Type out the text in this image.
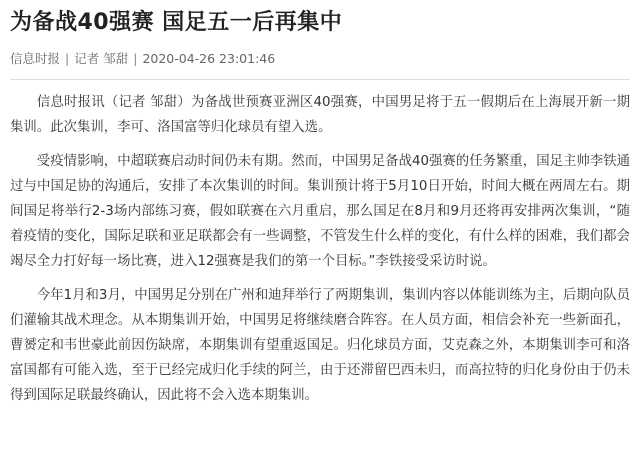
为备战40强赛 国足五一后再集中
信息时报 | 记者 邹甜 | 2020-04-26 23:01:46

信息时报讯（记者 邹甜）为备战世预赛亚洲区40强赛，中国男足将于五一假期后在上海展开新一期集训。此次集训，李可、洛国富等归化球员有望入选。

受疫情影响，中超联赛启动时间仍未有期。然而，中国男足备战40强赛的任务繁重，国足主帅李铁通过与中国足协的沟通后，安排了本次集训的时间。集训预计将于5月10日开始，时间大概在两周左右。期间国足将举行2-3场内部练习赛，假如联赛在六月重启，那么国足在8月和9月还将再安排两次集训，“随着疫情的变化，国际足联和亚足联都会有一些调整，不管发生什么样的变化，有什么样的困难，我们都会竭尽全力打好每一场比赛，进入12强赛是我们的第一个目标。”李铁接受采访时说。

今年1月和3月，中国男足分别在广州和迪拜举行了两期集训，集训内容以体能训练为主，后期向队员们灌输其战术理念。从本期集训开始，中国男足将继续磨合阵容。在人员方面，相信会补充一些新面孔，曹赟定和韦世豪此前因伤缺席，本期集训有望重返国足。归化球员方面，艾克森之外，本期集训李可和洛富国都有可能入选，至于已经完成归化手续的阿兰，由于还滞留巴西未归，而高拉特的归化身份由于仍未得到国际足联最终确认，因此将不会入选本期集训。
